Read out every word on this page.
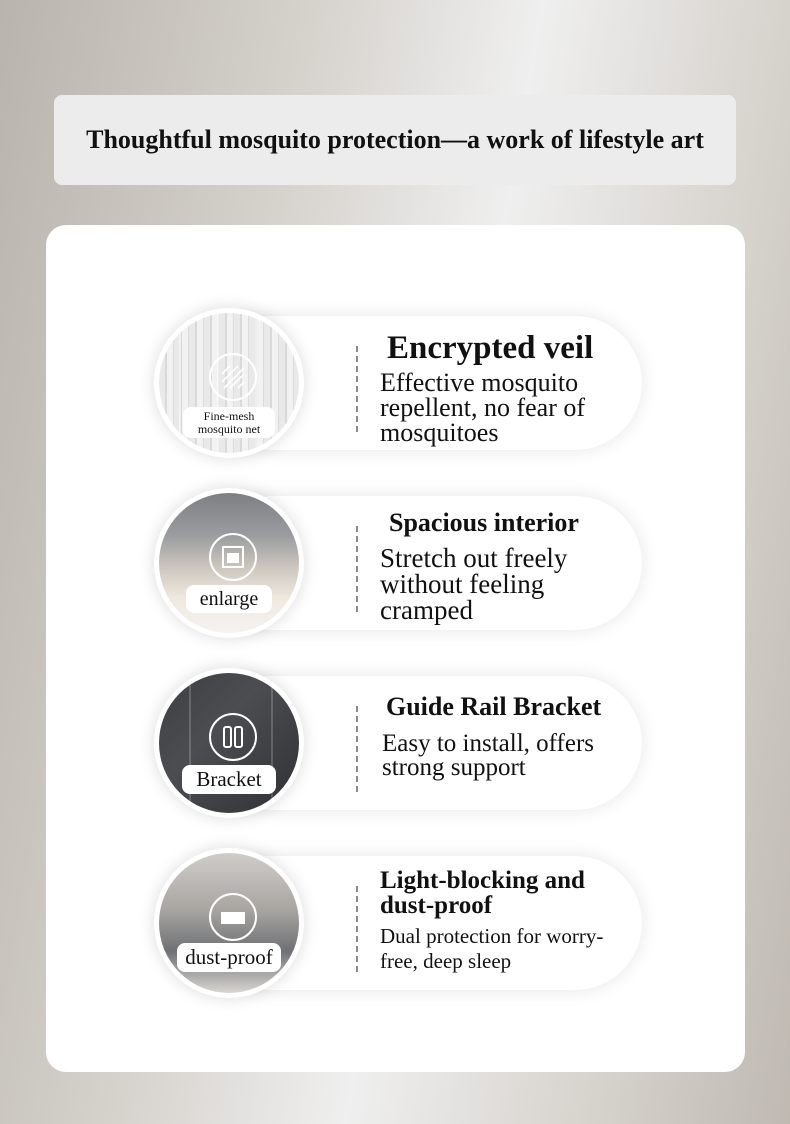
Thoughtful mosquito protection—a work of lifestyle art
Fine-mesh
mosquito net

Encrypted veil

Effective mosquito repellent, no fear of mosquitoes

enlarge

Spacious interior

Stretch out freely without feeling cramped

Bracket

Guide Rail Bracket

Easy to install, offers strong support

dust-proof

Light-blocking and dust-proof

Dual protection for worry-free, deep sleep
